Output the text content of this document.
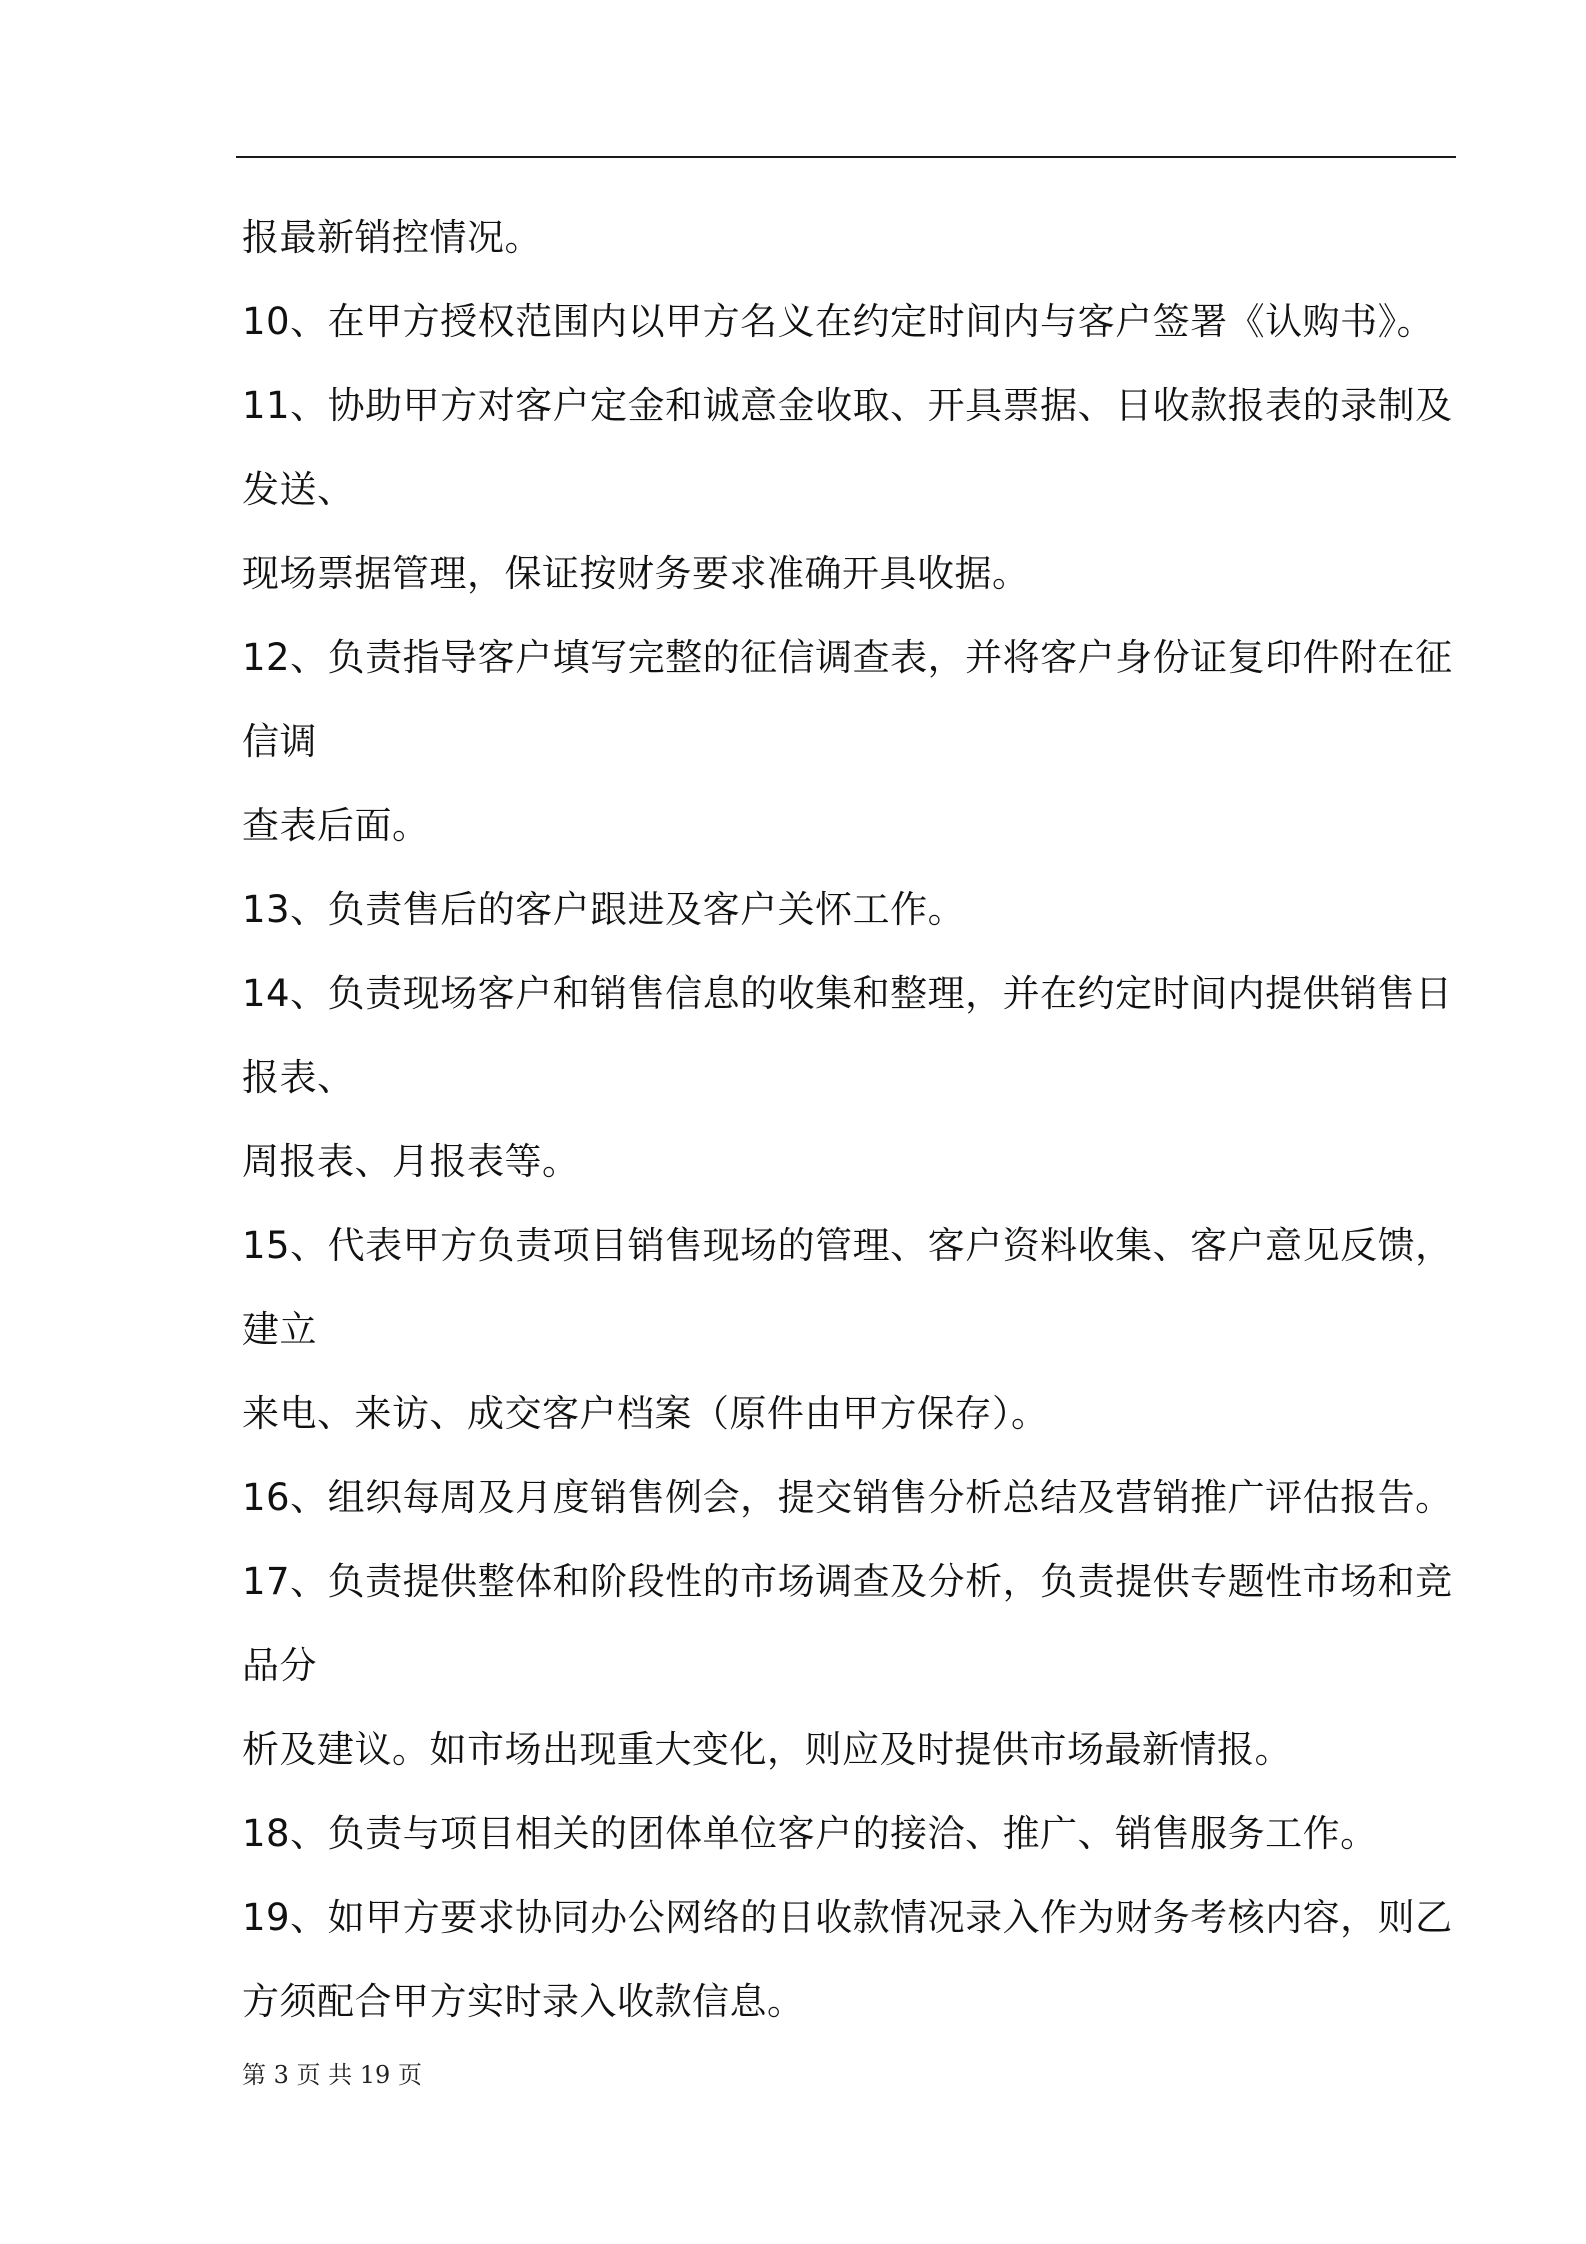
报最新销控情况。
10、在甲方授权范围内以甲方名义在约定时间内与客户签署《认购书》。
11、协助甲方对客户定金和诚意金收取、开具票据、日收款报表的录制及
发送、
现场票据管理，保证按财务要求准确开具收据。
12、负责指导客户填写完整的征信调查表，并将客户身份证复印件附在征
信调
查表后面。
13、负责售后的客户跟进及客户关怀工作。
14、负责现场客户和销售信息的收集和整理，并在约定时间内提供销售日
报表、
周报表、月报表等。
15、代表甲方负责项目销售现场的管理、客户资料收集、客户意见反馈，
建立
来电、来访、成交客户档案（原件由甲方保存）。
16、组织每周及月度销售例会，提交销售分析总结及营销推广评估报告。
17、负责提供整体和阶段性的市场调查及分析，负责提供专题性市场和竞
品分
析及建议。如市场出现重大变化，则应及时提供市场最新情报。
18、负责与项目相关的团体单位客户的接洽、推广、销售服务工作。
19、如甲方要求协同办公网络的日收款情况录入作为财务考核内容，则乙
方须配合甲方实时录入收款信息。
第 3 页 共 19 页
